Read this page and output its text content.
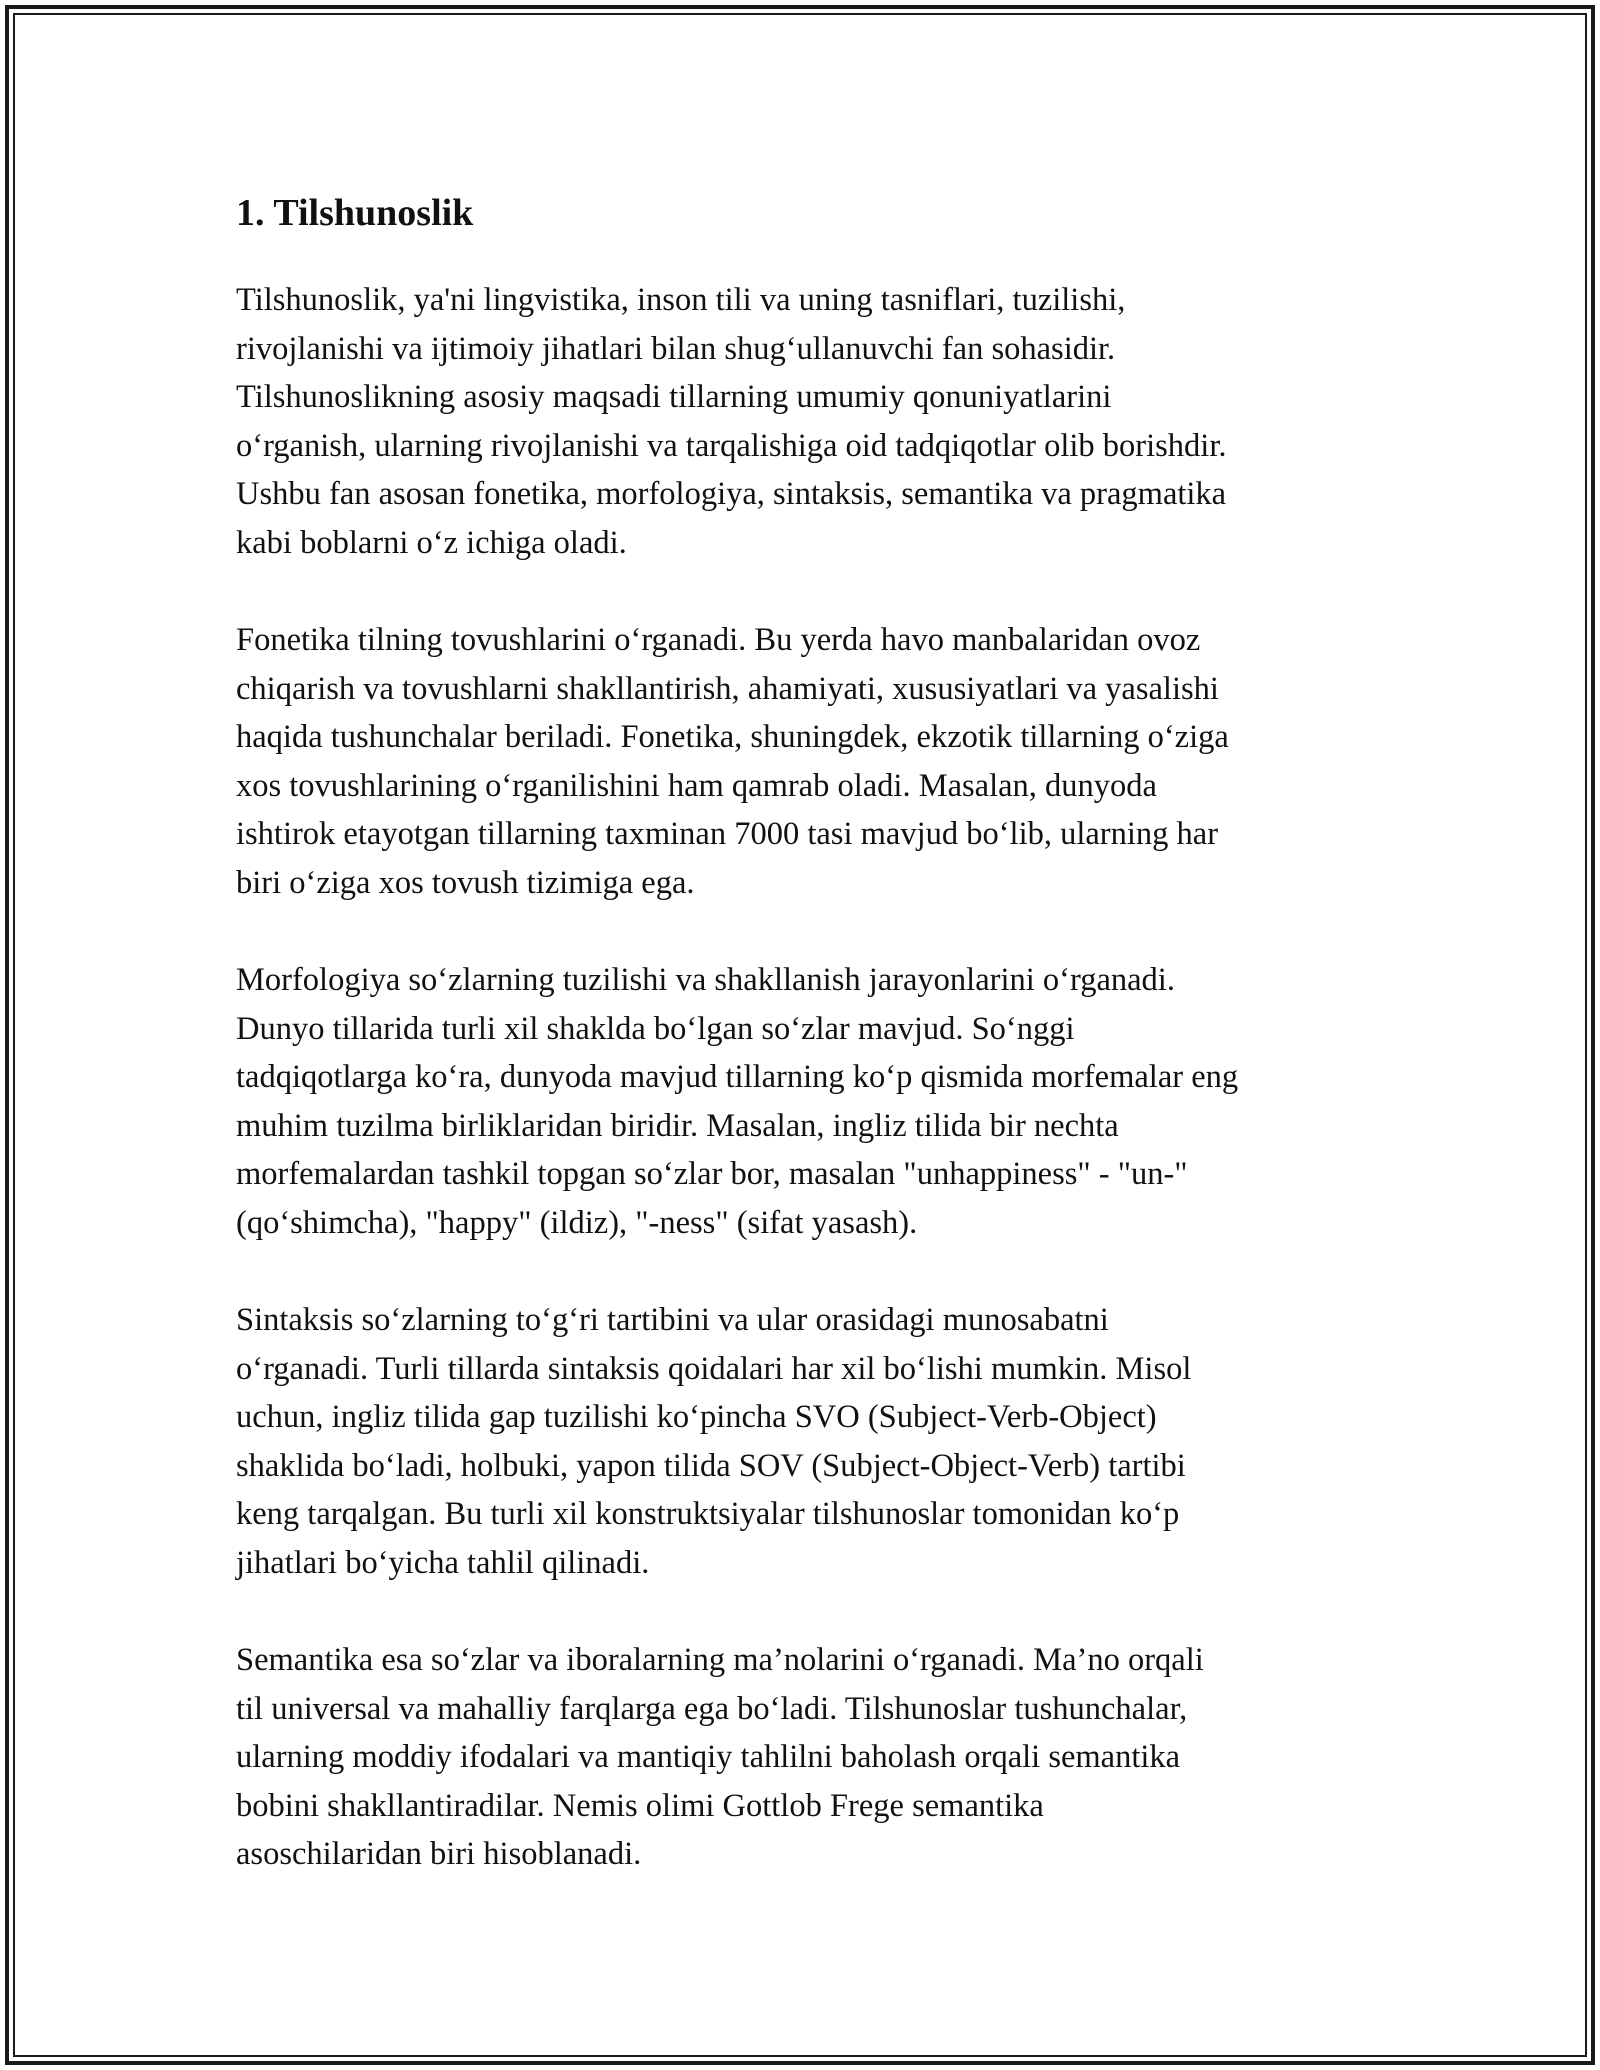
1. Tilshunoslik

Tilshunoslik, ya'ni lingvistika, inson tili va uning tasniflari, tuzilishi,
rivojlanishi va ijtimoiy jihatlari bilan shug‘ullanuvchi fan sohasidir.
Tilshunoslikning asosiy maqsadi tillarning umumiy qonuniyatlarini
o‘rganish, ularning rivojlanishi va tarqalishiga oid tadqiqotlar olib borishdir.
Ushbu fan asosan fonetika, morfologiya, sintaksis, semantika va pragmatika
kabi boblarni o‘z ichiga oladi.

Fonetika tilning tovushlarini o‘rganadi. Bu yerda havo manbalaridan ovoz
chiqarish va tovushlarni shakllantirish, ahamiyati, xususiyatlari va yasalishi
haqida tushunchalar beriladi. Fonetika, shuningdek, ekzotik tillarning o‘ziga
xos tovushlarining o‘rganilishini ham qamrab oladi. Masalan, dunyoda
ishtirok etayotgan tillarning taxminan 7000 tasi mavjud bo‘lib, ularning har
biri o‘ziga xos tovush tizimiga ega.

Morfologiya so‘zlarning tuzilishi va shakllanish jarayonlarini o‘rganadi.
Dunyo tillarida turli xil shaklda bo‘lgan so‘zlar mavjud. So‘nggi
tadqiqotlarga ko‘ra, dunyoda mavjud tillarning ko‘p qismida morfemalar eng
muhim tuzilma birliklaridan biridir. Masalan, ingliz tilida bir nechta
morfemalardan tashkil topgan so‘zlar bor, masalan "unhappiness" - "un-"
(qo‘shimcha), "happy" (ildiz), "-ness" (sifat yasash).

Sintaksis so‘zlarning to‘g‘ri tartibini va ular orasidagi munosabatni
o‘rganadi. Turli tillarda sintaksis qoidalari har xil bo‘lishi mumkin. Misol
uchun, ingliz tilida gap tuzilishi ko‘pincha SVO (Subject-Verb-Object)
shaklida bo‘ladi, holbuki, yapon tilida SOV (Subject-Object-Verb) tartibi
keng tarqalgan. Bu turli xil konstruktsiyalar tilshunoslar tomonidan ko‘p
jihatlari bo‘yicha tahlil qilinadi.

Semantika esa so‘zlar va iboralarning ma’nolarini o‘rganadi. Ma’no orqali
til universal va mahalliy farqlarga ega bo‘ladi. Tilshunoslar tushunchalar,
ularning moddiy ifodalari va mantiqiy tahlilni baholash orqali semantika
bobini shakllantiradilar. Nemis olimi Gottlob Frege semantika
asoschilaridan biri hisoblanadi.
